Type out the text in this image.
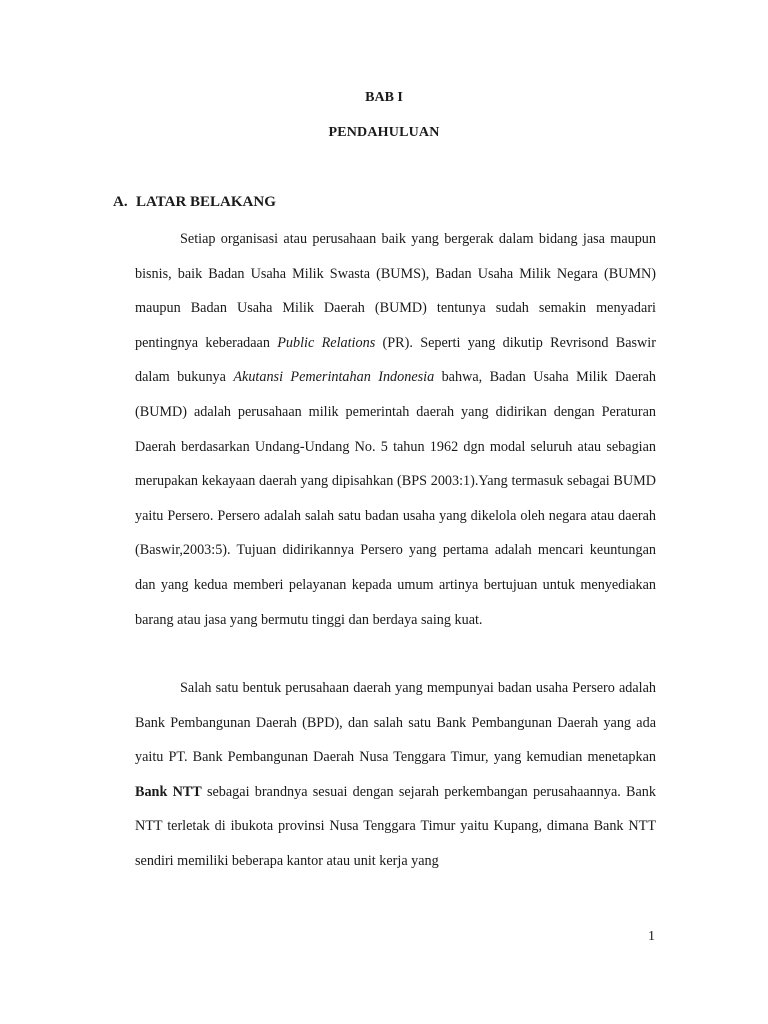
BAB I
PENDAHULUAN
A. LATAR BELAKANG

Setiap organisasi atau perusahaan baik yang bergerak dalam bidang jasa maupun bisnis, baik Badan Usaha Milik Swasta (BUMS), Badan Usaha Milik Negara (BUMN) maupun Badan Usaha Milik Daerah (BUMD) tentunya sudah semakin menyadari pentingnya keberadaan Public Relations (PR). Seperti yang dikutip Revrisond Baswir dalam bukunya Akutansi Pemerintahan Indonesia bahwa, Badan Usaha Milik Daerah (BUMD) adalah perusahaan milik pemerintah daerah yang didirikan dengan Peraturan Daerah berdasarkan Undang-Undang No. 5 tahun 1962 dgn modal seluruh atau sebagian merupakan kekayaan daerah yang dipisahkan (BPS 2003:1).Yang termasuk sebagai BUMD yaitu Persero. Persero adalah salah satu badan usaha yang dikelola oleh negara atau daerah (Baswir,2003:5). Tujuan didirikannya Persero yang pertama adalah mencari keuntungan dan yang kedua memberi pelayanan kepada umum artinya bertujuan untuk menyediakan barang atau jasa yang bermutu tinggi dan berdaya saing kuat.

Salah satu bentuk perusahaan daerah yang mempunyai badan usaha Persero adalah Bank Pembangunan Daerah (BPD), dan salah satu Bank Pembangunan Daerah yang ada yaitu PT. Bank Pembangunan Daerah Nusa Tenggara Timur, yang kemudian menetapkan Bank NTT sebagai brandnya sesuai dengan sejarah perkembangan perusahaannya. Bank NTT terletak di ibukota provinsi Nusa Tenggara Timur yaitu Kupang, dimana Bank NTT sendiri memiliki beberapa kantor atau unit kerja yang

1
